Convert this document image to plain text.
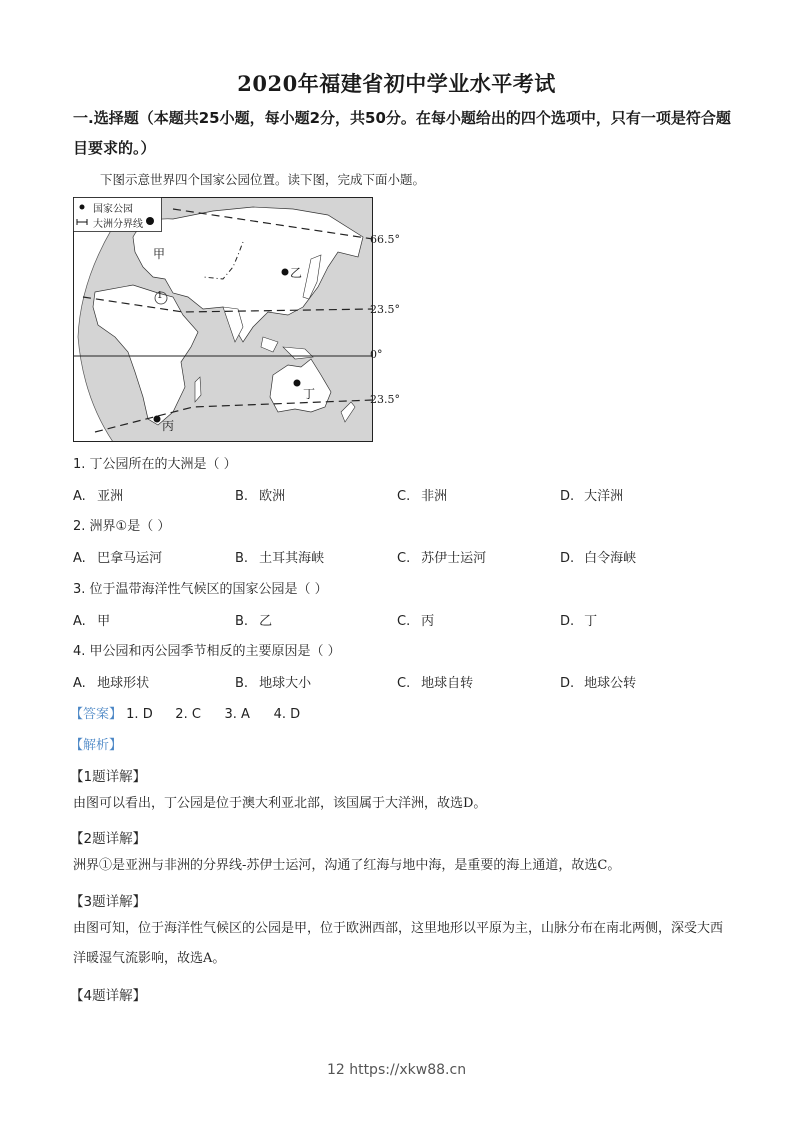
2020年福建省初中学业水平考试
一.选择题（本题共25小题，每小题2分，共50分。在每小题给出的四个选项中，只有一项是符合题目要求的。）
下图示意世界四个国家公园位置。读下图，完成下面小题。
国家公园
大洲分界线
甲
乙
丙
丁
1
66.5°
23.5°
0°
23.5°
1. 丁公园所在的大洲是（ ）
A. 亚洲	B. 欧洲	C. 非洲	D. 大洋洲
2. 洲界①是（ ）
A. 巴拿马运河	B. 土耳其海峡	C. 苏伊士运河	D. 白令海峡
3. 位于温带海洋性气候区的国家公园是（ ）
A. 甲	B. 乙	C. 丙	D. 丁
4. 甲公园和丙公园季节相反的主要原因是（ ）
A. 地球形状	B. 地球大小	C. 地球自转	D. 地球公转
【答案】 1. D 2. C 3. A 4. D
【解析】
【1题详解】
由图可以看出，丁公园是位于澳大利亚北部，该国属于大洋洲，故选D。
【2题详解】
洲界①是亚洲与非洲的分界线-苏伊士运河，沟通了红海与地中海，是重要的海上通道，故选C。
【3题详解】
由图可知，位于海洋性气候区的公园是甲，位于欧洲西部，这里地形以平原为主，山脉分布在南北两侧，深受大西洋暖湿气流影响，故选A。
【4题详解】
12 https://xkw88.cn
